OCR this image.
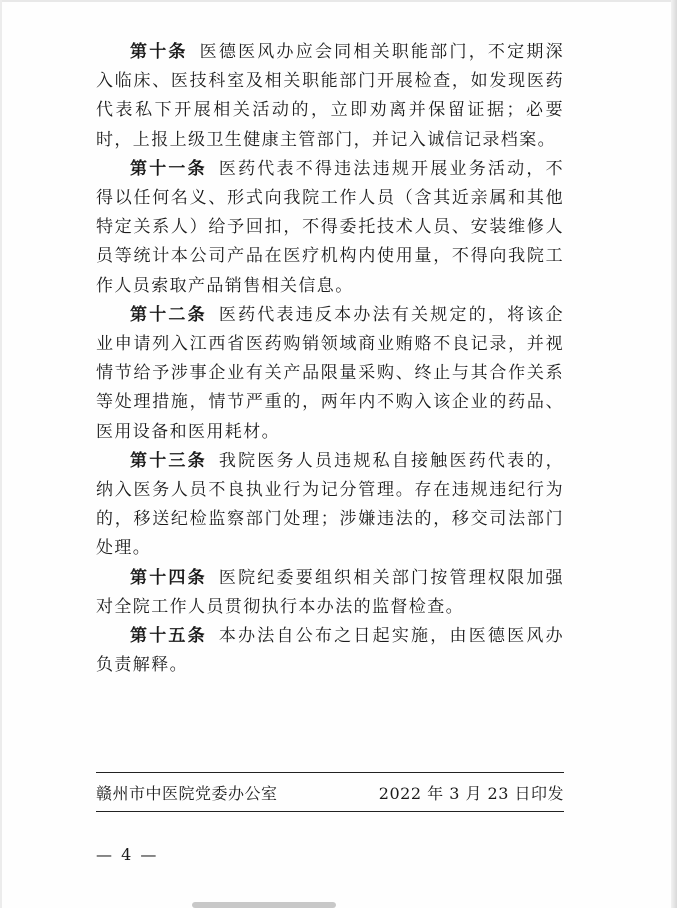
第十条 医德医风办应会同相关职能部门，不定期深入临床、医技科室及相关职能部门开展检查，如发现医药代表私下开展相关活动的，立即劝离并保留证据；必要时，上报上级卫生健康主管部门，并记入诚信记录档案。

第十一条 医药代表不得违法违规开展业务活动，不得以任何名义、形式向我院工作人员（含其近亲属和其他特定关系人）给予回扣，不得委托技术人员、安装维修人员等统计本公司产品在医疗机构内使用量，不得向我院工作人员索取产品销售相关信息。

第十二条 医药代表违反本办法有关规定的，将该企业申请列入江西省医药购销领域商业贿赂不良记录，并视情节给予涉事企业有关产品限量采购、终止与其合作关系等处理措施，情节严重的，两年内不购入该企业的药品、医用设备和医用耗材。

第十三条 我院医务人员违规私自接触医药代表的，纳入医务人员不良执业行为记分管理。存在违规违纪行为的，移送纪检监察部门处理；涉嫌违法的，移交司法部门处理。

第十四条 医院纪委要组织相关部门按管理权限加强对全院工作人员贯彻执行本办法的监督检查。

第十五条 本办法自公布之日起实施，由医德医风办负责解释。

赣州市中医院党委办公室	2022 年 3 月 23 日印发
— 4 —
